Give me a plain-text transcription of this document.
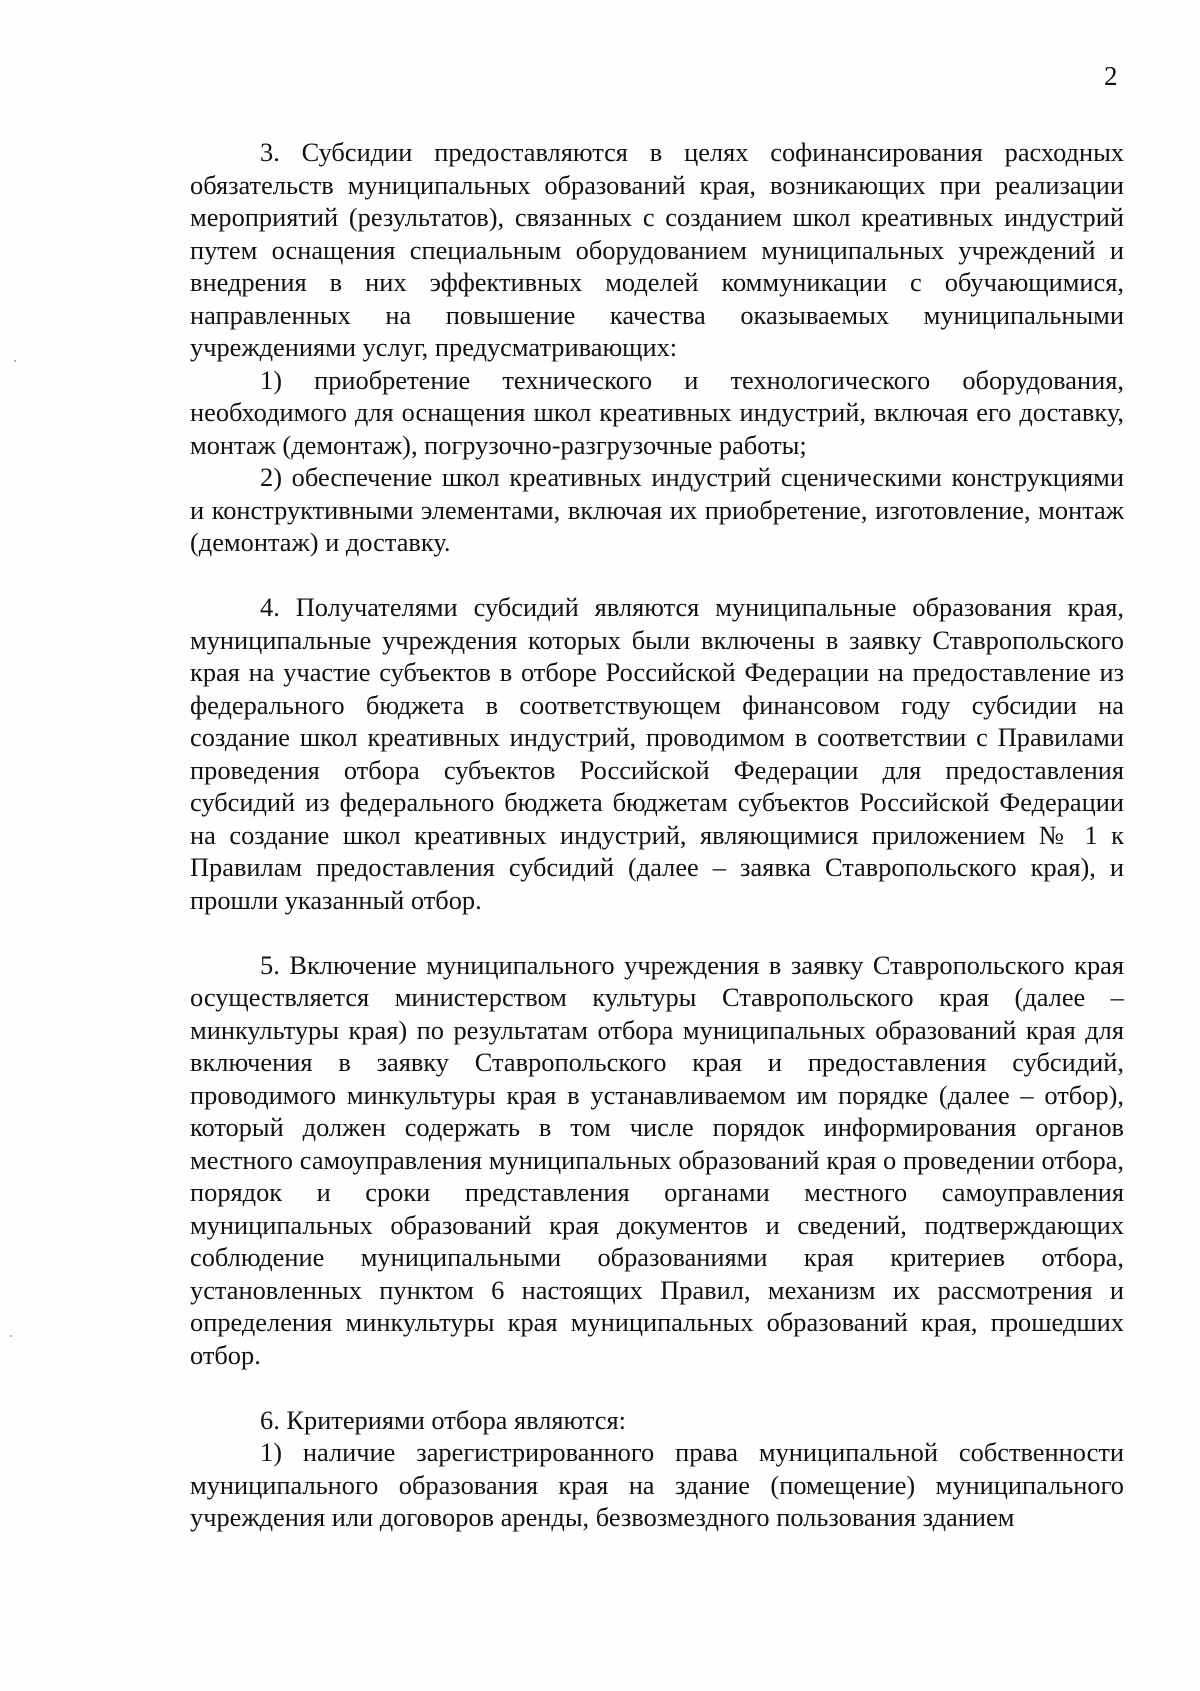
2

3. Субсидии предоставляются в целях софинансирования расходных обязательств муниципальных образований края, возникающих при реализации мероприятий (результатов), связанных с созданием школ креативных индустрий путем оснащения специальным оборудованием муниципальных учреждений и внедрения в них эффективных моделей коммуникации с обучающимися, направленных на повышение качества оказываемых муниципальными учреждениями услуг, предусматривающих:

1) приобретение технического и технологического оборудования, необходимого для оснащения школ креативных индустрий, включая его доставку, монтаж (демонтаж), погрузочно-разгрузочные работы;

2) обеспечение школ креативных индустрий сценическими конструкциями и конструктивными элементами, включая их приобретение, изготовление, монтаж (демонтаж) и доставку.

4. Получателями субсидий являются муниципальные образования края, муниципальные учреждения которых были включены в заявку Ставропольского края на участие субъектов в отборе Российской Федерации на предоставление из федерального бюджета в соответствующем финансовом году субсидии на создание школ креативных индустрий, проводимом в соответствии с Правилами проведения отбора субъектов Российской Федерации для предоставления субсидий из федерального бюджета бюджетам субъектов Российской Федерации на создание школ креативных индустрий, являющимися приложением № 1 к Правилам предоставления субсидий (далее – заявка Ставропольского края), и прошли указанный отбор.

5. Включение муниципального учреждения в заявку Ставропольского края осуществляется министерством культуры Ставропольского края (далее – минкультуры края) по результатам отбора муниципальных образований края для включения в заявку Ставропольского края и предоставления субсидий, проводимого минкультуры края в устанавливаемом им порядке (далее – отбор), который должен содержать в том числе порядок информирования органов местного самоуправления муниципальных образований края о проведении отбора, порядок и сроки представления органами местного самоуправления муниципальных образований края документов и сведений, подтверждающих соблюдение муниципальными образованиями края критериев отбора, установленных пунктом 6 настоящих Правил, механизм их рассмотрения и определения минкультуры края муниципальных образований края, прошедших отбор.

6. Критериями отбора являются:

1) наличие зарегистрированного права муниципальной собственности муниципального образования края на здание (помещение) муниципального учреждения или договоров аренды, безвозмездного пользования зданием
